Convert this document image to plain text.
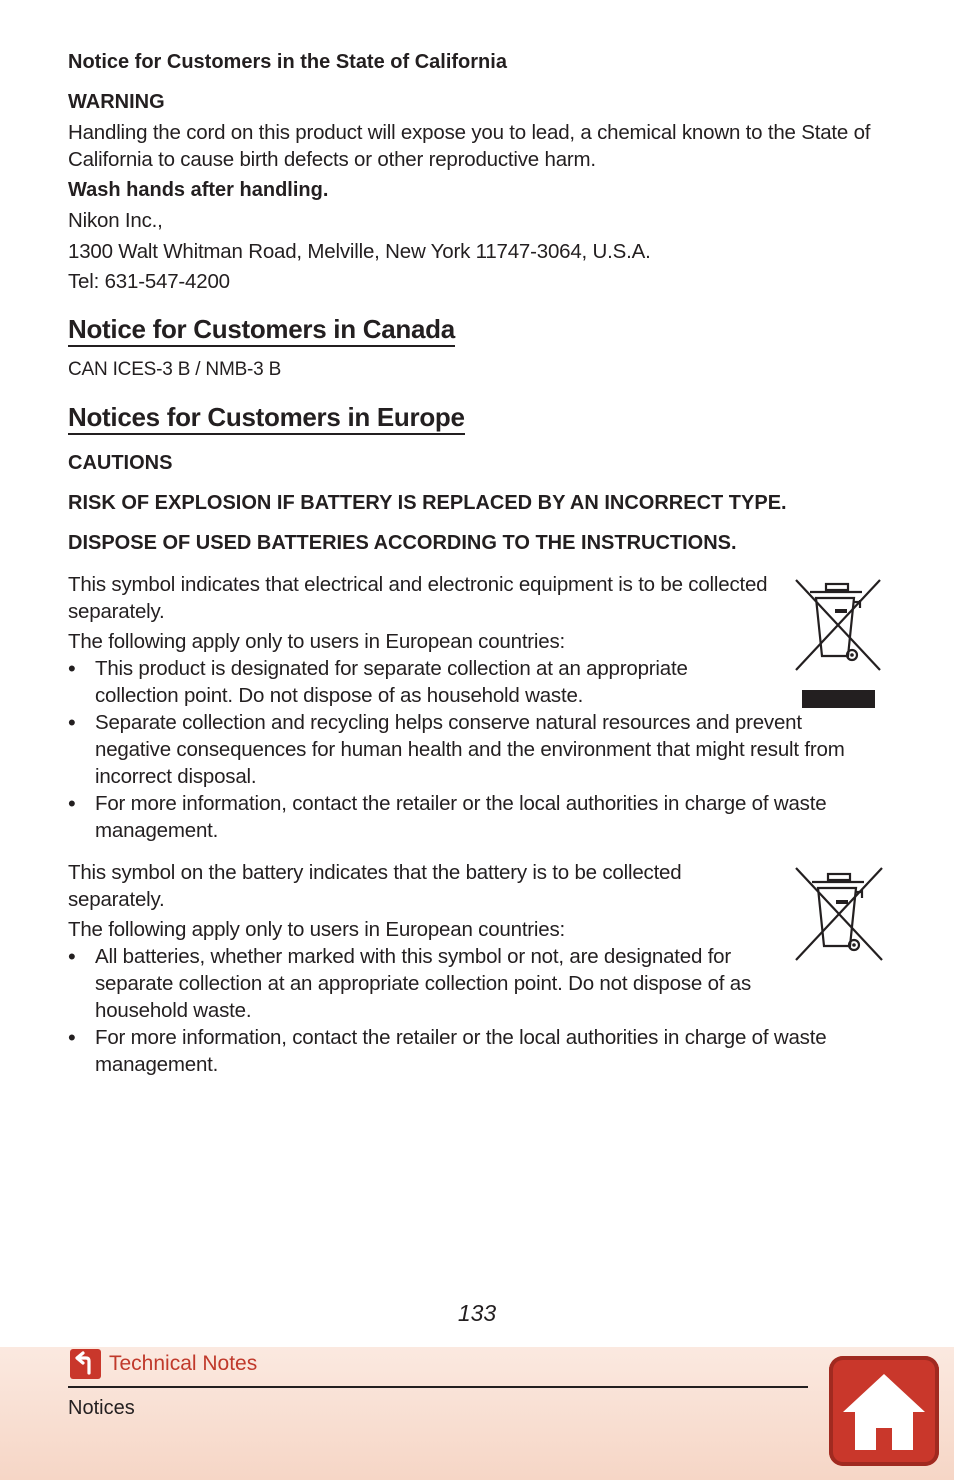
Notice for Customers in the State of California
WARNING

Handling the cord on this product will expose you to lead, a chemical known to the State of California to cause birth defects or other reproductive harm.

Wash hands after handling.

Nikon Inc.,

1300 Walt Whitman Road, Melville, New York 11747-3064, U.S.A.

Tel: 631-547-4200

Notice for Customers in Canada

CAN ICES-3 B / NMB-3 B

Notices for Customers in Europe
CAUTIONS

RISK OF EXPLOSION IF BATTERY IS REPLACED BY AN INCORRECT TYPE.

DISPOSE OF USED BATTERIES ACCORDING TO THE INSTRUCTIONS.

This symbol indicates that electrical and electronic equipment is to be collected separately.

The following apply only to users in European countries:

• This product is designated for separate collection at an appropriate collection point. Do not dispose of as household waste.
• Separate collection and recycling helps conserve natural resources and prevent negative consequences for human health and the environment that might result from incorrect disposal.
• For more information, contact the retailer or the local authorities in charge of waste management.

This symbol on the battery indicates that the battery is to be collected separately.

The following apply only to users in European countries:

• All batteries, whether marked with this symbol or not, are designated for separate collection at an appropriate collection point. Do not dispose of as household waste.
• For more information, contact the retailer or the local authorities in charge of waste management.
133
Technical Notes
Notices
